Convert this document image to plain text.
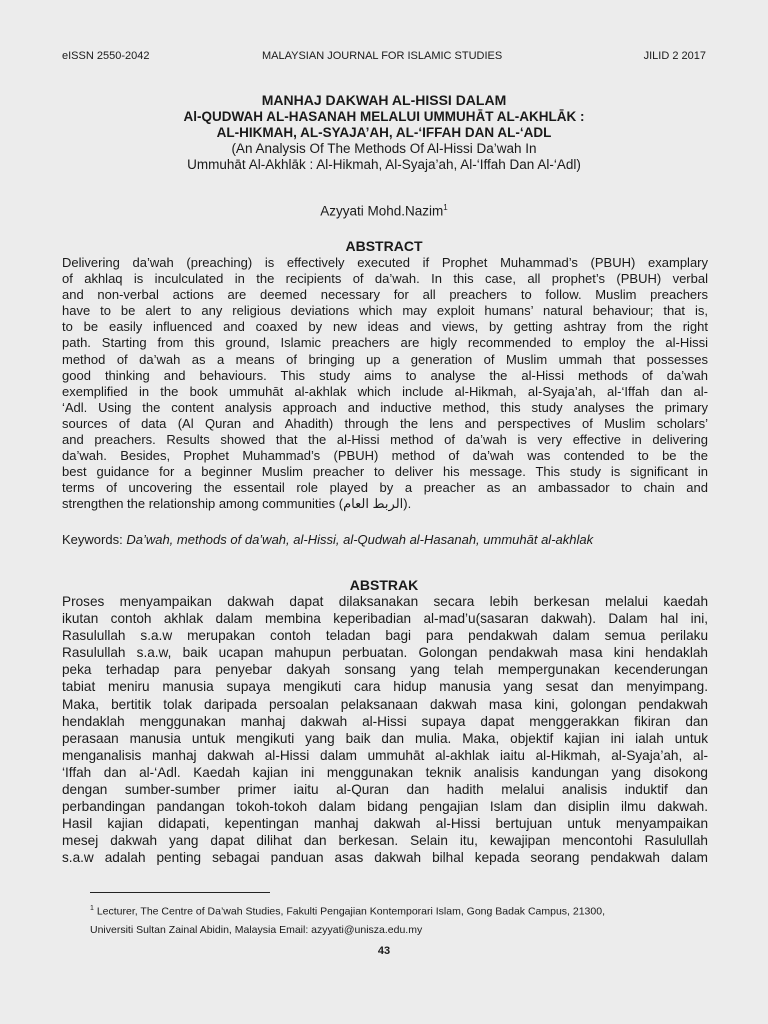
eISSN 2550-2042	MALAYSIAN JOURNAL FOR ISLAMIC STUDIES	JILID 2 2017
MANHAJ DAKWAH AL-HISSI DALAM
Al-QUDWAH AL-HASANAH MELALUI UMMUHĀT AL-AKHLĀK :
AL-HIKMAH, AL-SYAJA’AH, AL-‘IFFAH DAN AL-‘ADL
(An Analysis Of The Methods Of Al-Hissi Da’wah In
Ummuhāt Al-Akhlāk : Al-Hikmah, Al-Syaja’ah, Al-‘Iffah Dan Al-‘Adl)
Azyyati Mohd.Nazim$^1$
ABSTRACT
Delivering da’wah (preaching) is effectively executed if Prophet Muhammad’s (PBUH) examplary
of akhlaq is inculculated in the recipients of da’wah. In this case, all prophet’s (PBUH) verbal
and non-verbal actions are deemed necessary for all preachers to follow. Muslim preachers
have to be alert to any religious deviations which may exploit humans’ natural behaviour; that is,
to be easily influenced and coaxed by new ideas and views, by getting ashtray from the right
path. Starting from this ground, Islamic preachers are higly recommended to employ the al-Hissi
method of da’wah as a means of bringing up a generation of Muslim ummah that possesses
good thinking and behaviours. This study aims to analyse the al-Hissi methods of da’wah
exemplified in the book ummuhāt al-akhlak which include al-Hikmah, al-Syaja’ah, al-‘Iffah dan al-
‘Adl. Using the content analysis approach and inductive method, this study analyses the primary
sources of data (Al Quran and Ahadith) through the lens and perspectives of Muslim scholars’
and preachers. Results showed that the al-Hissi method of da’wah is very effective in delivering
da’wah. Besides, Prophet Muhammad’s (PBUH) method of da’wah was contended to be the
best guidance for a beginner Muslim preacher to deliver his message. This study is significant in
terms of uncovering the essentail role played by a preacher as an ambassador to chain and
strengthen the relationship among communities (الربط العام).
Keywords: Da’wah, methods of da’wah, al-Hissi, al-Qudwah al-Hasanah, ummuhāt al-akhlak
ABSTRAK
Proses menyampaikan dakwah dapat dilaksanakan secara lebih berkesan melalui kaedah
ikutan contoh akhlak dalam membina keperibadian al-mad’u(sasaran dakwah). Dalam hal ini,
Rasulullah s.a.w merupakan contoh teladan bagi para pendakwah dalam semua perilaku
Rasulullah s.a.w, baik ucapan mahupun perbuatan. Golongan pendakwah masa kini hendaklah
peka terhadap para penyebar dakyah sonsang yang telah mempergunakan kecenderungan
tabiat meniru manusia supaya mengikuti cara hidup manusia yang sesat dan menyimpang.
Maka, bertitik tolak daripada persoalan pelaksanaan dakwah masa kini, golongan pendakwah
hendaklah menggunakan manhaj dakwah al-Hissi supaya dapat menggerakkan fikiran dan
perasaan manusia untuk mengikuti yang baik dan mulia. Maka, objektif kajian ini ialah untuk
menganalisis manhaj dakwah al-Hissi dalam ummuhāt al-akhlak iaitu al-Hikmah, al-Syaja’ah, al-
‘Iffah dan al-‘Adl. Kaedah kajian ini menggunakan teknik analisis kandungan yang disokong
dengan sumber-sumber primer iaitu al-Quran dan hadith melalui analisis induktif dan
perbandingan pandangan tokoh-tokoh dalam bidang pengajian Islam dan disiplin ilmu dakwah.
Hasil kajian didapati, kepentingan manhaj dakwah al-Hissi bertujuan untuk menyampaikan
mesej dakwah yang dapat dilihat dan berkesan. Selain itu, kewajipan mencontohi Rasulullah
s.a.w adalah penting sebagai panduan asas dakwah bilhal kepada seorang pendakwah dalam
$^1$ Lecturer, The Centre of Da’wah Studies, Fakulti Pengajian Kontemporari Islam, Gong Badak Campus, 21300,
Universiti Sultan Zainal Abidin, Malaysia Email: azyyati@unisza.edu.my
43
